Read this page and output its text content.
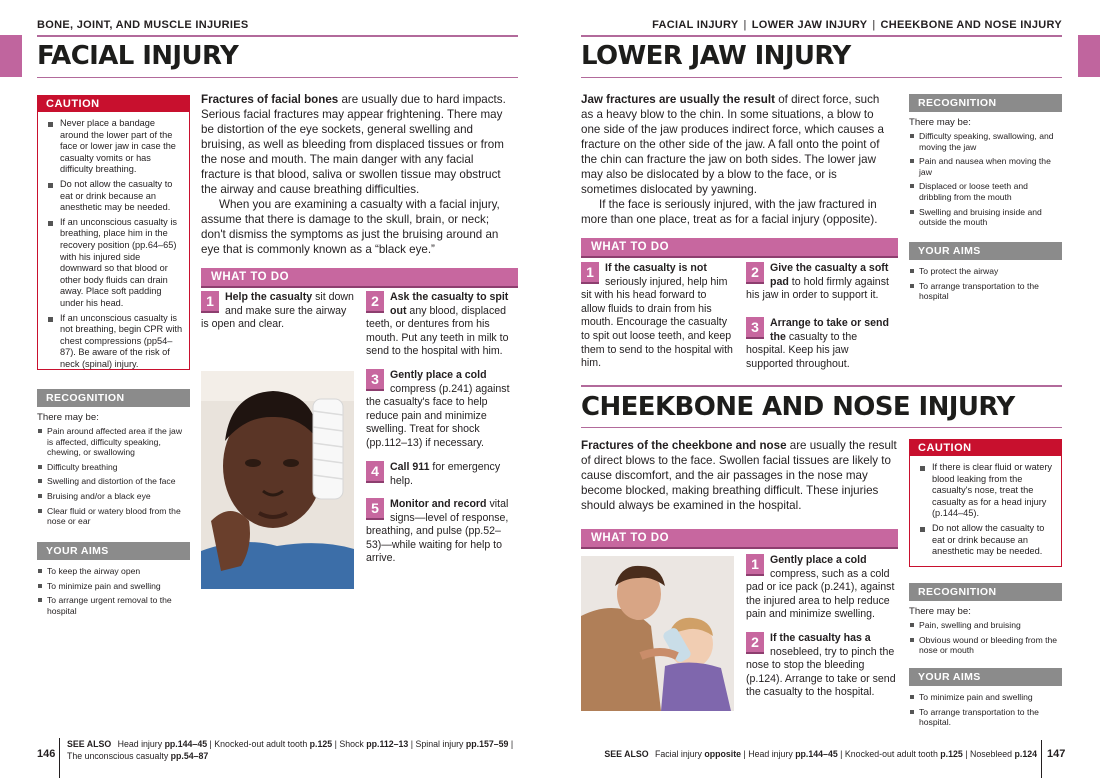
BONE, JOINT, AND MUSCLE INJURIES
FACIAL INJURY
CAUTION
Never place a bandage around the lower part of the face or lower jaw in case the casualty vomits or has difficulty breathing.
Do not allow the casualty to eat or drink because an anesthetic may be needed.
If an unconscious casualty is breathing, place him in the recovery position (pp.64–65) with his injured side downward so that blood or other body fluids can drain away. Place soft padding under his head.
If an unconscious casualty is not breathing, begin CPR with chest compressions (pp54–87). Be aware of the risk of neck (spinal) injury.
RECOGNITION
There may be:
Pain around affected area if the jaw is affected, difficulty speaking, chewing, or swallowing
Difficulty breathing
Swelling and distortion of the face
Bruising and/or a black eye
Clear fluid or watery blood from the nose or ear
YOUR AIMS
To keep the airway open
To minimize pain and swelling
To arrange urgent removal to the hospital

Fractures of facial bones are usually due to hard impacts. Serious facial fractures may appear frightening. There may be distortion of the eye sockets, general swelling and bruising, as well as bleeding from displaced tissues or from the nose and mouth. The main danger with any facial fracture is that blood, saliva or swollen tissue may obstruct the airway and cause breathing difficulties.

When you are examining a casualty with a facial injury, assume that there is damage to the skull, brain, or neck; don't dismiss the symptoms as just the bruising around an eye that is commonly known as a “black eye.”

WHAT TO DO
1	Help the casualty sit down and make sure the airway is open and clear.
2	Ask the casualty to spit out any blood, displaced teeth, or dentures from his mouth. Put any teeth in milk to send to the hospital with him.
3	Gently place a cold compress (p.241) against the casualty's face to help reduce pain and minimize swelling. Treat for shock (pp.112–13) if necessary.
4	Call 911 for emergency help.
5	Monitor and record vital signs—level of response, breathing, and pulse (pp.52–53)—while waiting for help to arrive.
146
SEE ALSO Head injury pp.144–45 | Knocked-out adult tooth p.125 | Shock pp.112–13 | Spinal injury pp.157–59 |
The unconscious casualty pp.54–87
FACIAL INJURY | LOWER JAW INJURY | CHEEKBONE AND NOSE INJURY
LOWER JAW INJURY

Jaw fractures are usually the result of direct force, such as a heavy blow to the chin. In some situations, a blow to one side of the jaw produces indirect force, which causes a fracture on the other side of the jaw. A fall onto the point of the chin can fracture the jaw on both sides. The lower jaw may also be dislocated by a blow to the face, or is sometimes dislocated by yawning.

If the face is seriously injured, with the jaw fractured in more than one place, treat as for a facial injury (opposite).

RECOGNITION
There may be:
Difficulty speaking, swallowing, and moving the jaw
Pain and nausea when moving the jaw
Displaced or loose teeth and dribbling from the mouth
Swelling and bruising inside and outside the mouth
YOUR AIMS
To protect the airway
To arrange transportation to the hospital
WHAT TO DO
1	If the casualty is not seriously injured, help him sit with his head forward to allow fluids to drain from his mouth. Encourage the casualty to spit out loose teeth, and keep them to send to the hospital with him.
2	Give the casualty a soft pad to hold firmly against his jaw in order to support it.
3	Arrange to take or send the casualty to the hospital. Keep his jaw supported throughout.
CHEEKBONE AND NOSE INJURY

Fractures of the cheekbone and nose are usually the result of direct blows to the face. Swollen facial tissues are likely to cause discomfort, and the air passages in the nose may become blocked, making breathing difficult. These injuries should always be examined in the hospital.

WHAT TO DO
1	Gently place a cold compress, such as a cold pad or ice pack (p.241), against the injured area to help reduce pain and minimize swelling.
2	If the casualty has a nosebleed, try to pinch the nose to stop the bleeding (p.124). Arrange to take or send the casualty to the hospital.
CAUTION
If there is clear fluid or watery blood leaking from the casualty's nose, treat the casualty as for a head injury (p.144–45).
Do not allow the casualty to eat or drink because an anesthetic may be needed.
RECOGNITION
There may be:
Pain, swelling and bruising
Obvious wound or bleeding from the nose or mouth
YOUR AIMS
To minimize pain and swelling
To arrange transportation to the hospital.
SEE ALSO Facial injury opposite | Head injury pp.144–45 | Knocked-out adult tooth p.125 | Nosebleed p.124 147
